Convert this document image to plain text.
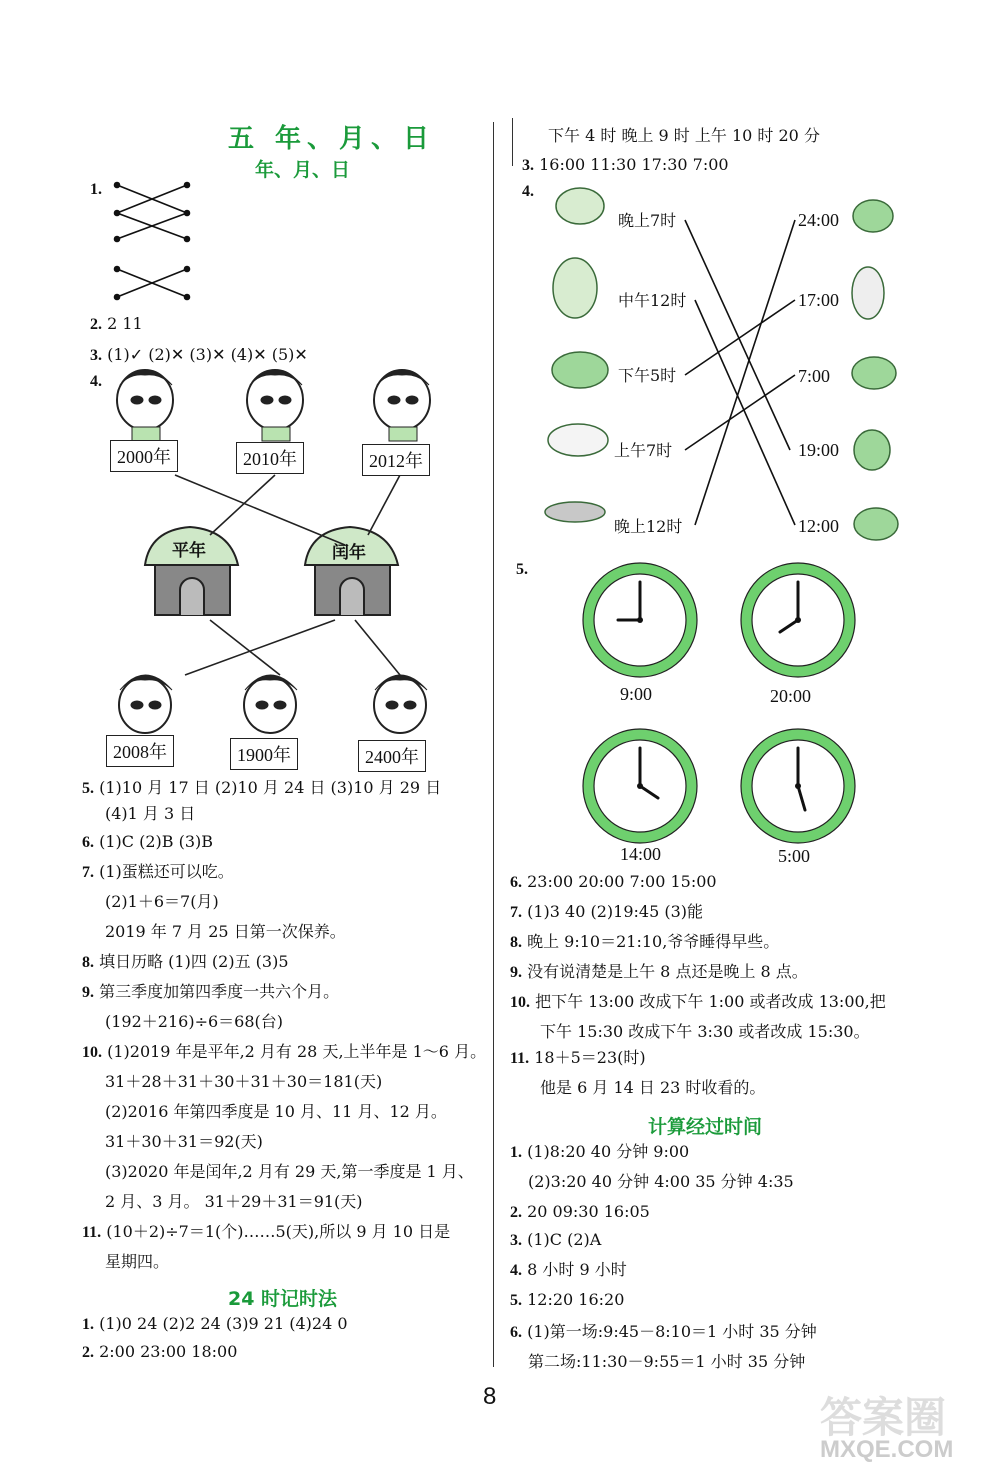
五 年、月、日
年、月、日
1.
2. 2 11
3. (1)✓ (2)✕ (3)✕ (4)✕ (5)✕
4.
2000年	2010年	2012年
平年	闰年
2008年	1900年	2400年
5. (1)10 月 17 日 (2)10 月 24 日 (3)10 月 29 日
(4)1 月 3 日
6. (1)C (2)B (3)B
7. (1)蛋糕还可以吃。
(2)1＋6＝7(月)
2019 年 7 月 25 日第一次保养。
8. 填日历略 (1)四 (2)五 (3)5
9. 第三季度加第四季度一共六个月。
(192＋216)÷6＝68(台)
10. (1)2019 年是平年,2 月有 28 天,上半年是 1～6 月。
31＋28＋31＋30＋31＋30＝181(天)
(2)2016 年第四季度是 10 月、11 月、12 月。
31＋30＋31＝92(天)
(3)2020 年是闰年,2 月有 29 天,第一季度是 1 月、
2 月、3 月。 31＋29＋31＝91(天)
11. (10＋2)÷7＝1(个)……5(天),所以 9 月 10 日是
星期四。
24 时记时法
1. (1)0 24 (2)2 24 (3)9 21 (4)24 0
2. 2:00 23:00 18:00
下午 4 时 晚上 9 时 上午 10 时 20 分
3. 16:00 11:30 17:30 7:00
4.
晚上7时
中午12时
下午5时
上午7时
晚上12时
24:00
17:00
7:00
19:00
12:00
5.
9:00	20:00
14:00	5:00
6. 23:00 20:00 7:00 15:00
7. (1)3 40 (2)19:45 (3)能
8. 晚上 9:10＝21:10,爷爷睡得早些。
9. 没有说清楚是上午 8 点还是晚上 8 点。
10. 把下午 13:00 改成下午 1:00 或者改成 13:00,把
下午 15:30 改成下午 3:30 或者改成 15:30。
11. 18＋5＝23(时)
他是 6 月 14 日 23 时收看的。
计算经过时间
1. (1)8:20 40 分钟 9:00
(2)3:20 40 分钟 4:00 35 分钟 4:35
2. 20 09:30 16:05
3. (1)C (2)A
4. 8 小时 9 小时
5. 12:20 16:20
6. (1)第一场:9:45－8:10＝1 小时 35 分钟
第二场:11:30－9:55＝1 小时 35 分钟
8	答案圈
MXQE.COM
